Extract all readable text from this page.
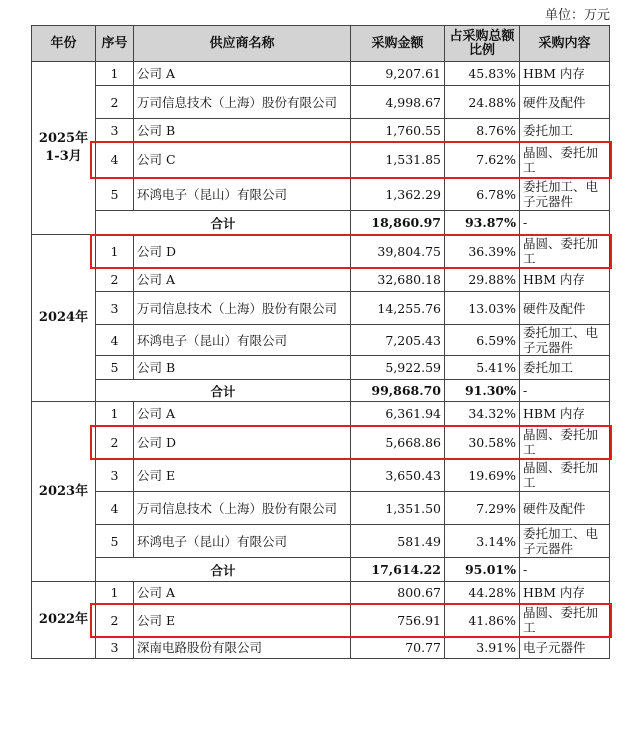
单位：万元
年份	序号	供应商名称	采购金额	占采购总额比例	采购内容
2025年
1-3月	1	公司 A	9,207.61	45.83%	HBM 内存
	2	万司信息技术（上海）股份有限公司	4,998.67	24.88%	硬件及配件
	3	公司 B	1,760.55	8.76%	委托加工
	4	公司 C	1,531.85	7.62%	晶圆、委托加工
	5	环鸿电子（昆山）有限公司	1,362.29	6.78%	委托加工、电子元器件
	合计		18,860.97	93.87%	-
2024年	1	公司 D	39,804.75	36.39%	晶圆、委托加工
	2	公司 A	32,680.18	29.88%	HBM 内存
	3	万司信息技术（上海）股份有限公司	14,255.76	13.03%	硬件及配件
	4	环鸿电子（昆山）有限公司	7,205.43	6.59%	委托加工、电子元器件
	5	公司 B	5,922.59	5.41%	委托加工
	合计		99,868.70	91.30%	-
2023年	1	公司 A	6,361.94	34.32%	HBM 内存
	2	公司 D	5,668.86	30.58%	晶圆、委托加工
	3	公司 E	3,650.43	19.69%	晶圆、委托加工
	4	万司信息技术（上海）股份有限公司	1,351.50	7.29%	硬件及配件
	5	环鸿电子（昆山）有限公司	581.49	3.14%	委托加工、电子元器件
	合计		17,614.22	95.01%	-
2022年	1	公司 A	800.67	44.28%	HBM 内存
	2	公司 E	756.91	41.86%	晶圆、委托加工
	3	深南电路股份有限公司	70.77	3.91%	电子元器件
